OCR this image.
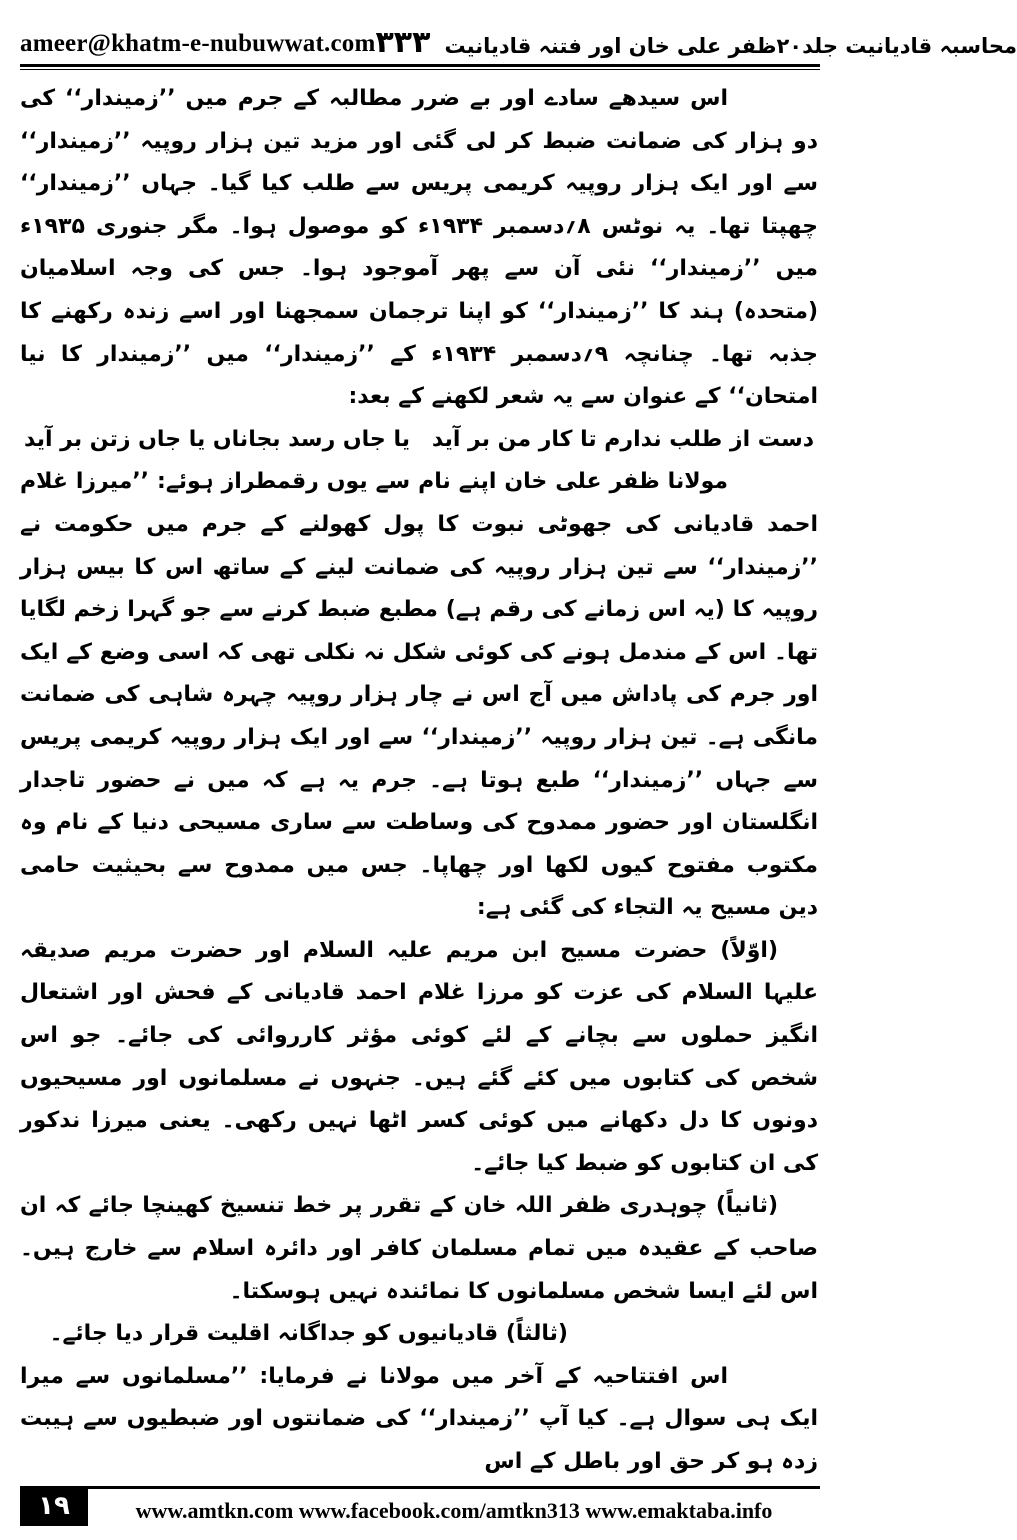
ameer@khatm-e-nubuwwat.com	محاسبہ قادیانیت جلد۲۰ظفر علی خان اور فتنہ قادیانیت
۳۳۳

اس سیدھے سادے اور بے ضرر مطالبہ کے جرم میں ’’زمیندار‘‘ کی دو ہزار کی ضمانت ضبط کر لی گئی اور مزید تین ہزار روپیہ ’’زمیندار‘‘ سے اور ایک ہزار روپیہ کریمی پریس سے طلب کیا گیا۔ جہاں ’’زمیندار‘‘ چھپتا تھا۔ یہ نوٹس ۸؍دسمبر ۱۹۳۴ء کو موصول ہوا۔ مگر جنوری ۱۹۳۵ء میں ’’زمیندار‘‘ نئی آن سے پھر آموجود ہوا۔ جس کی وجہ اسلامیان (متحدہ) ہند کا ’’زمیندار‘‘ کو اپنا ترجمان سمجھنا اور اسے زندہ رکھنے کا جذبہ تھا۔ چنانچہ ۹؍دسمبر ۱۹۳۴ء کے ’’زمیندار‘‘ میں ’’زمیندار کا نیا امتحان‘‘ کے عنوان سے یہ شعر لکھنے کے بعد:

دست از طلب ندارم تا کار من بر آید
یا جاں رسد بجاناں یا جاں زتن بر آید

مولانا ظفر علی خان اپنے نام سے یوں رقمطراز ہوئے: ’’میرزا غلام احمد قادیانی کی جھوٹی نبوت کا پول کھولنے کے جرم میں حکومت نے ’’زمیندار‘‘ سے تین ہزار روپیہ کی ضمانت لینے کے ساتھ اس کا بیس ہزار روپیہ کا (یہ اس زمانے کی رقم ہے) مطبع ضبط کرنے سے جو گہرا زخم لگایا تھا۔ اس کے مندمل ہونے کی کوئی شکل نہ نکلی تھی کہ اسی وضع کے ایک اور جرم کی پاداش میں آج اس نے چار ہزار روپیہ چہرہ شاہی کی ضمانت مانگی ہے۔ تین ہزار روپیہ ’’زمیندار‘‘ سے اور ایک ہزار روپیہ کریمی پریس سے جہاں ’’زمیندار‘‘ طبع ہوتا ہے۔ جرم یہ ہے کہ میں نے حضور تاجدار انگلستان اور حضور ممدوح کی وساطت سے ساری مسیحی دنیا کے نام وہ مکتوب مفتوح کیوں لکھا اور چھاپا۔ جس میں ممدوح سے بحیثیت حامی دین مسیح یہ التجاء کی گئی ہے:

(اوّلاً) حضرت مسیح ابن مریم علیہ السلام اور حضرت مریم صدیقہ علیہا السلام کی عزت کو مرزا غلام احمد قادیانی کے فحش اور اشتعال انگیز حملوں سے بچانے کے لئے کوئی مؤثر کارروائی کی جائے۔ جو اس شخص کی کتابوں میں کئے گئے ہیں۔ جنہوں نے مسلمانوں اور مسیحیوں دونوں کا دل دکھانے میں کوئی کسر اٹھا نہیں رکھی۔ یعنی میرزا ندکور کی ان کتابوں کو ضبط کیا جائے۔

(ثانیاً) چوہدری ظفر اللہ خان کے تقرر پر خط تنسیخ کھینچا جائے کہ ان صاحب کے عقیدہ میں تمام مسلمان کافر اور دائرہ اسلام سے خارج ہیں۔ اس لئے ایسا شخص مسلمانوں کا نمائندہ نہیں ہوسکتا۔

(ثالثاً) قادیانیوں کو جداگانہ اقلیت قرار دیا جائے۔

اس افتتاحیہ کے آخر میں مولانا نے فرمایا: ’’مسلمانوں سے میرا ایک ہی سوال ہے۔ کیا آپ ’’زمیندار‘‘ کی ضمانتوں اور ضبطیوں سے ہیبت زدہ ہو کر حق اور باطل کے اس

۱۹	www.amtkn.com www.facebook.com/amtkn313 www.emaktaba.info
